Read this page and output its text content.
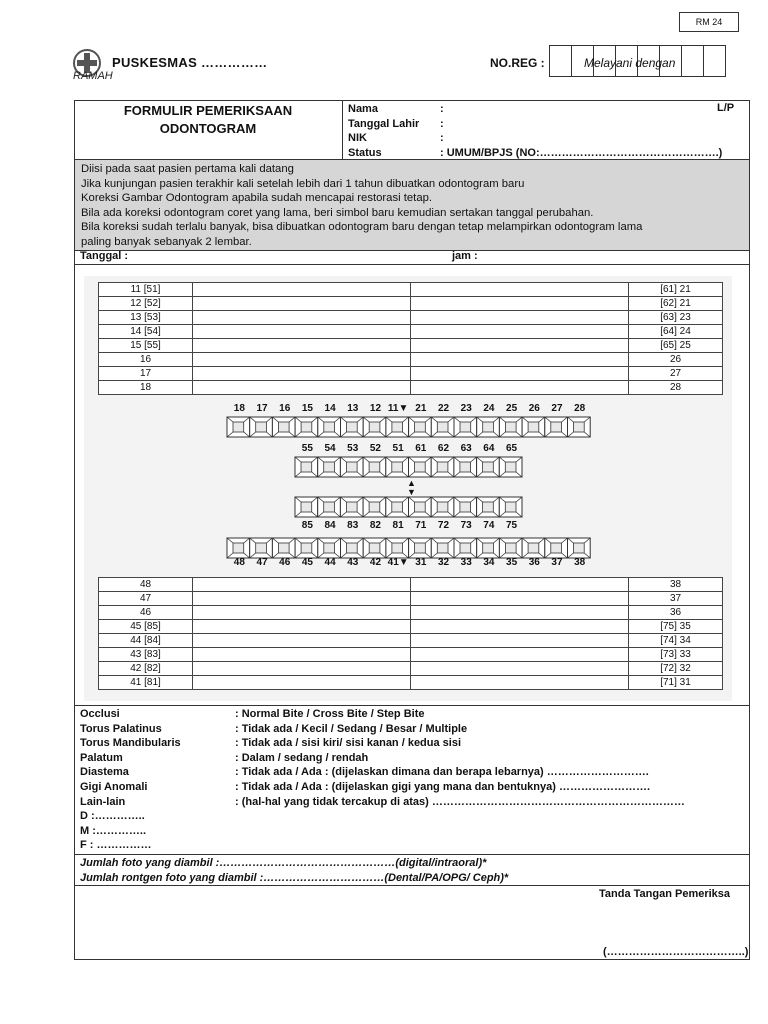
RM 24
PUSKESMAS ……………
RAMAH
NO.REG :	Melayani dengan
FORMULIR PEMERIKSAAN
ODONTOGRAM
Nama	:
Tanggal Lahir	:
NIK	:
Status	: UMUM/BPJS (NO:………………………………………….)
L/P
Diisi pada saat pasien pertama kali datang
Jika kunjungan pasien terakhir kali setelah lebih dari 1 tahun dibuatkan odontogram baru
Koreksi Gambar Odontogram apabila sudah mencapai restorasi tetap.
Bila ada koreksi odontogram coret yang lama, beri simbol baru kemudian sertakan tanggal perubahan.
Bila koreksi sudah terlalu banyak, bisa dibuatkan odontogram baru dengan tetap melampirkan odontogram lama
paling banyak sebanyak 2 lembar.
Tanggal :	jam :
11 [51]			[61] 21
12 [52]			[62] 21
13 [53]			[63] 23
14 [54]			[64] 24
15 [55]			[65] 25
16			26
17			27
18			28
48			38
47			37
46			36
45 [85]			[75] 35
44 [84]			[74] 34
43 [83]			[73] 33
42 [82]			[72] 32
41 [81]			[71] 31
18	17	16	15	14	13	12 11▼ 21	22	23	24	25	26	27	28
55	54	53	52	51	61	62	63	64	65
▲
▼
85	84	83	82	81	71	72	73	74	75
48	47	46	45	44	43	42 41▼ 31	32	33	34	35	36	37	38
Occlusi	: Normal Bite / Cross Bite / Step Bite
Torus Palatinus	: Tidak ada / Kecil / Sedang / Besar / Multiple
Torus Mandibularis	: Tidak ada / sisi kiri/ sisi kanan / kedua sisi
Palatum	: Dalam / sedang / rendah
Diastema	: Tidak ada / Ada : (dijelaskan dimana dan berapa lebarnya) ……………………….
Gigi Anomali	: Tidak ada / Ada : (dijelaskan gigi yang mana dan bentuknya) …………………….
Lain-lain	: (hal-hal yang tidak tercakup di atas) ……………………………………………………………
D :…………..
M :…………..
F : ……………
Jumlah foto yang diambil :…………………………………………(digital/intraoral)*
Jumlah rontgen foto yang diambil :……………………………(Dental/PA/OPG/ Ceph)*
Tanda Tangan Pemeriksa
(………………………………..)
